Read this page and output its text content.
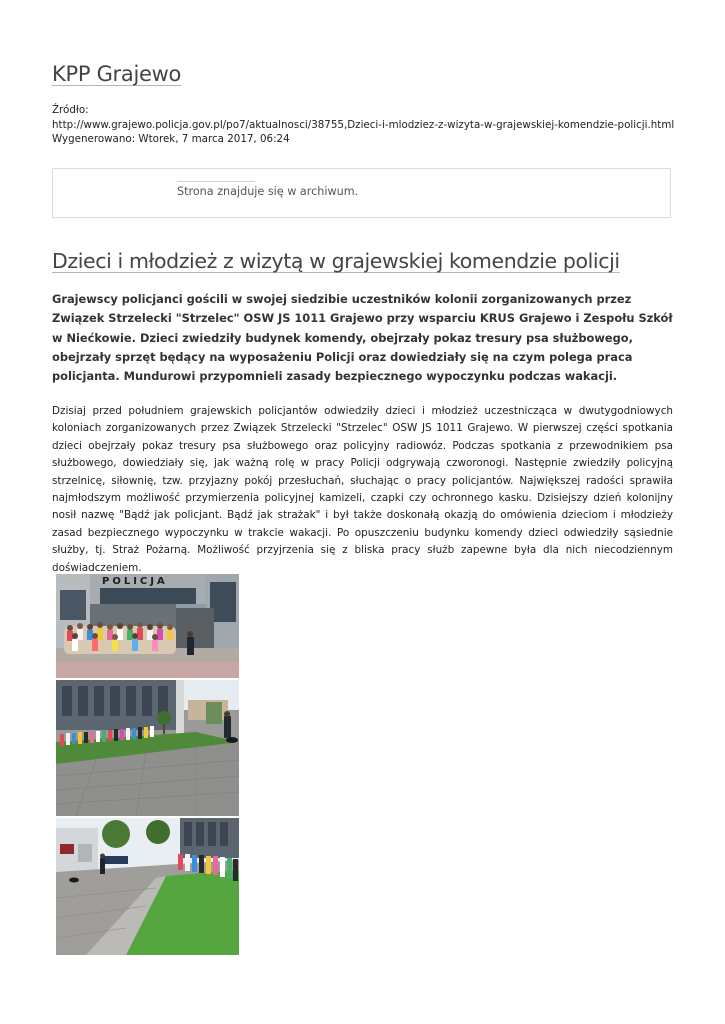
KPP Grajewo
Źródło:
http://www.grajewo.policja.gov.pl/po7/aktualnosci/38755,Dzieci-i-mlodziez-z-wizyta-w-grajewskiej-komendzie-policji.html
Wygenerowano: Wtorek, 7 marca 2017, 06:24
Strona znajduje się w archiwum.
Dzieci i młodzież z wizytą w grajewskiej komendzie policji

Grajewscy policjanci gościli w swojej siedzibie uczestników kolonii zorganizowanych przez Związek Strzelecki "Strzelec" OSW JS 1011 Grajewo przy wsparciu KRUS Grajewo i Zespołu Szkół w Niećkowie. Dzieci zwiedziły budynek komendy, obejrzały pokaz tresury psa służbowego, obejrzały sprzęt będący na wyposażeniu Policji oraz dowiedziały się na czym polega praca policjanta. Mundurowi przypomnieli zasady bezpiecznego wypoczynku podczas wakacji.

Dzisiaj przed południem grajewskich policjantów odwiedziły dzieci i młodzież uczestnicząca w dwutygodniowych koloniach zorganizowanych przez Związek Strzelecki "Strzelec" OSW JS 1011 Grajewo. W pierwszej części spotkania dzieci obejrzały pokaz tresury psa służbowego oraz policyjny radiowóz. Podczas spotkania z przewodnikiem psa służbowego, dowiedziały się, jak ważną rolę w pracy Policji odgrywają czworonogi. Następnie zwiedziły policyjną strzelnicę, siłownię, tzw. przyjazny pokój przesłuchań, słuchając o pracy policjantów. Największej radości sprawiła najmłodszym możliwość przymierzenia policyjnej kamizeli, czapki czy ochronnego kasku. Dzisiejszy dzień kolonijny nosił nazwę "Bądź jak policjant. Bądź jak strażak" i był także doskonałą okazją do omówienia dzieciom i młodzieży zasad bezpiecznego wypoczynku w trakcie wakacji. Po opuszczeniu budynku komendy dzieci odwiedziły sąsiednie służby, tj. Straż Pożarną. Możliwość przyjrzenia się z bliska pracy służb zapewne była dla nich niecodziennym doświadczeniem.

POLICJA
